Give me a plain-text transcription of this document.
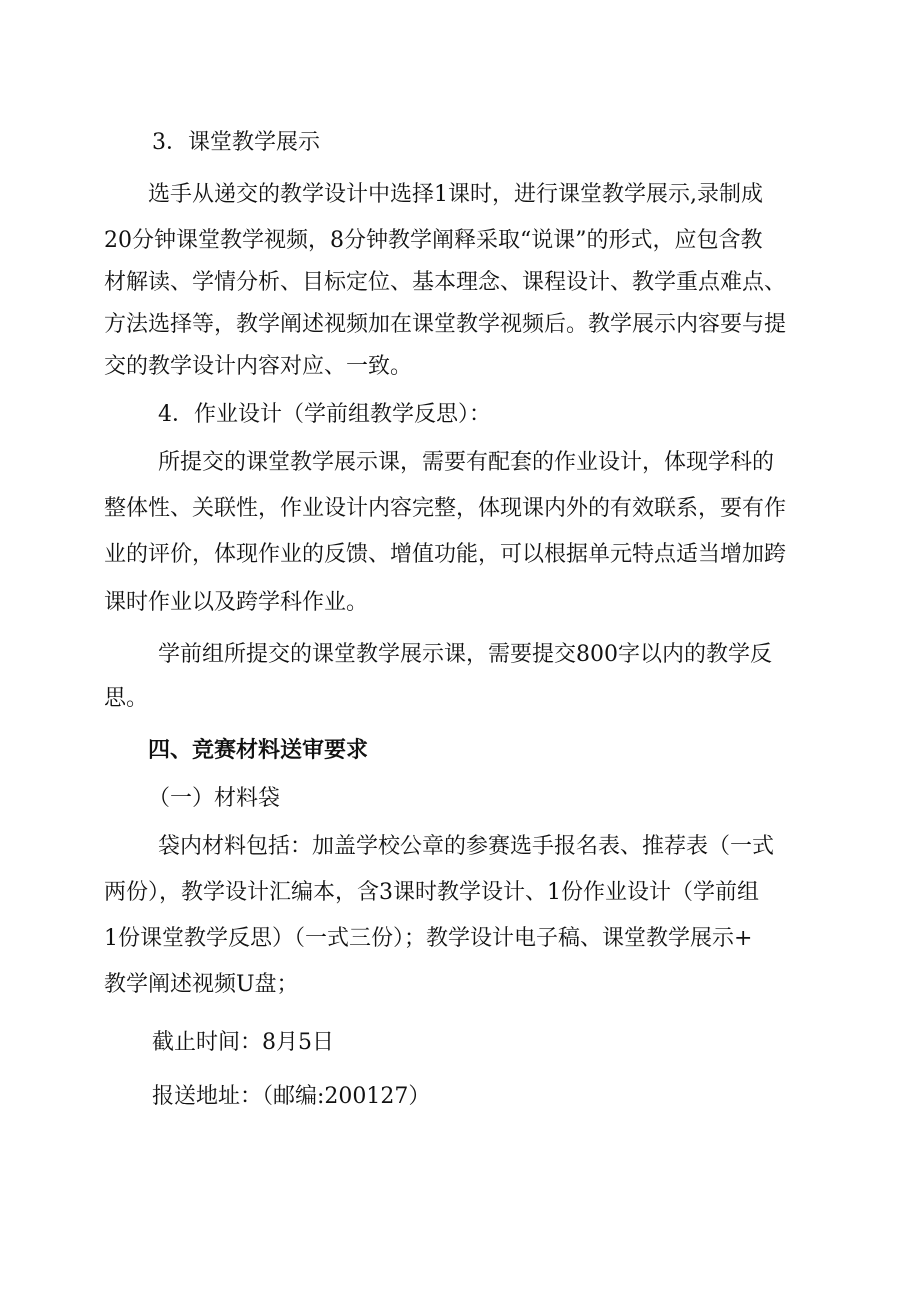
3．课堂教学展示
选手从递交的教学设计中选择1课时，进行课堂教学展示,录制成
20分钟课堂教学视频，8分钟教学阐释采取“说课”的形式，应包含教
材解读、学情分析、目标定位、基本理念、课程设计、教学重点难点、
方法选择等，教学阐述视频加在课堂教学视频后。教学展示内容要与提
交的教学设计内容对应、一致。
4．作业设计（学前组教学反思）：
所提交的课堂教学展示课，需要有配套的作业设计，体现学科的
整体性、关联性，作业设计内容完整，体现课内外的有效联系，要有作
业的评价，体现作业的反馈、增值功能，可以根据单元特点适当增加跨
课时作业以及跨学科作业。
学前组所提交的课堂教学展示课，需要提交800字以内的教学反
思。
四、竞赛材料送审要求
（一）材料袋
袋内材料包括：加盖学校公章的参赛选手报名表、推荐表（一式
两份），教学设计汇编本，含3课时教学设计、1份作业设计（学前组
1份课堂教学反思）（一式三份）；教学设计电子稿、课堂教学展示+
教学阐述视频U盘；
截止时间：8月5日
报送地址：（邮编:200127）
